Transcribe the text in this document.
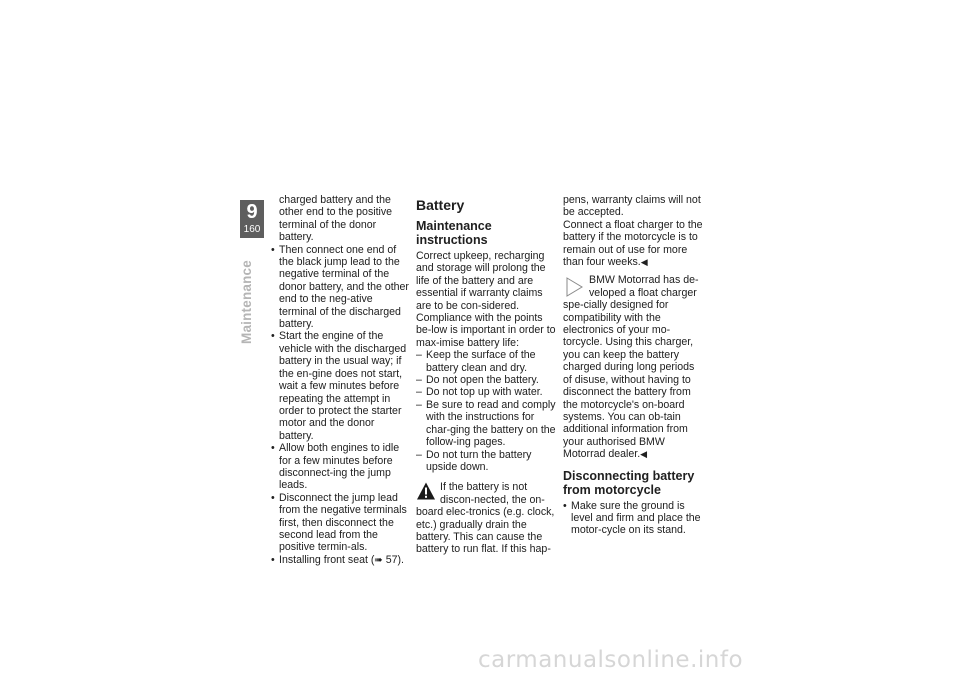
9
160
Maintenance

charged battery and the other end to the positive terminal of the donor battery.

• Then connect one end of the black jump lead to the negative terminal of the donor battery, and the other end to the neg-ative terminal of the discharged battery.
• Start the engine of the vehicle with the discharged battery in the usual way; if the en-gine does not start, wait a few minutes before repeating the attempt in order to protect the starter motor and the donor battery.
• Allow both engines to idle for a few minutes before disconnect-ing the jump leads.
• Disconnect the jump lead from the negative terminals first, then disconnect the second lead from the positive termin-als.
• Installing front seat (➠ 57).
Battery
Maintenance instructions

Correct upkeep, recharging and storage will prolong the life of the battery and are essential if warranty claims are to be con-sidered.

Compliance with the points be-low is important in order to max-imise battery life:

– Keep the surface of the battery clean and dry.
– Do not open the battery.
– Do not top up with water.
– Be sure to read and comply with the instructions for char-ging the battery on the follow-ing pages.
– Do not turn the battery upside down.

If the battery is not discon-nected, the on-board elec-tronics (e.g. clock, etc.) gradually drain the battery. This can cause the battery to run flat. If this hap-

pens, warranty claims will not be accepted.

Connect a float charger to the battery if the motorcycle is to remain out of use for more than four weeks.◀

BMW Motorrad has de-veloped a float charger spe-cially designed for compatibility with the electronics of your mo-torcycle. Using this charger, you can keep the battery charged during long periods of disuse, without having to disconnect the battery from the motorcycle's on-board systems. You can ob-tain additional information from your authorised BMW Motorrad dealer.◀

Disconnecting battery from motorcycle
• Make sure the ground is level and firm and place the motor-cycle on its stand.
carmanualsonline.info
